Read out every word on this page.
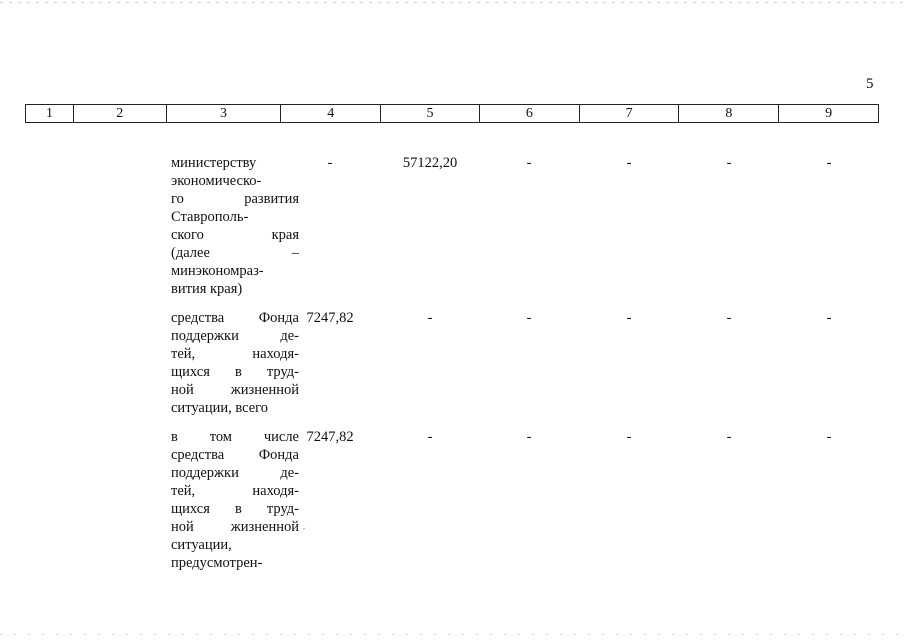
5
1	2	3	4	5	6	7	8	9
министерству
экономическо-
го развития
Ставрополь-
ского края
(далее –
минэкономраз-
вития края)
-	57122,20	-	-	-	-
средства Фонда
поддержки де-
тей, находя-
щихся в труд-
ной жизненной
ситуации, всего
7247,82	-	-	-	-	-
в том числе
средства Фонда
поддержки де-
тей, находя-
щихся в труд-
ной жизненной
ситуации,
предусмотрен-
7247,82	-	-	-	-	-
